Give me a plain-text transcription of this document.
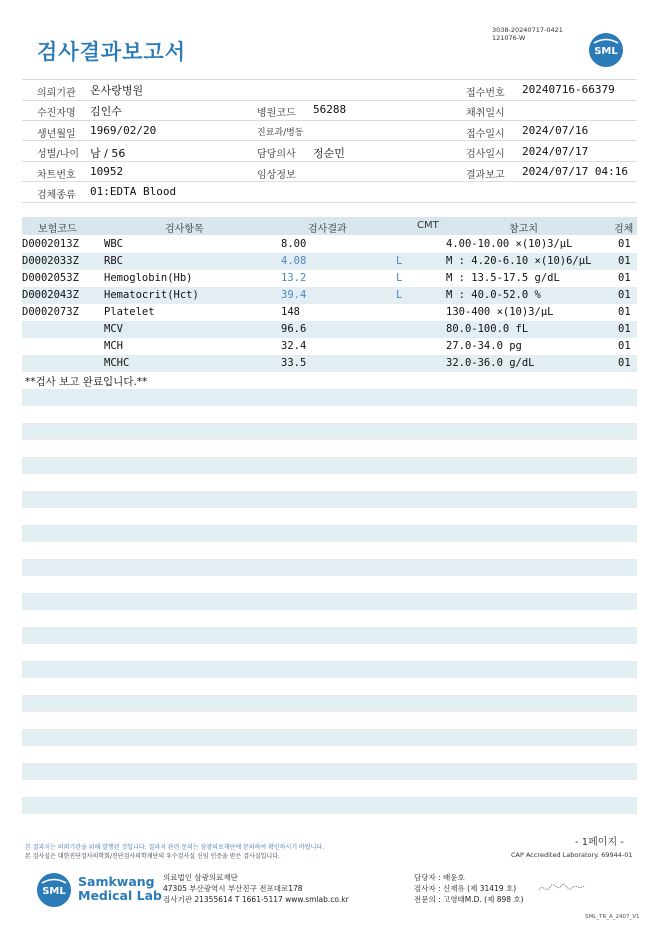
3038-20240717-0421
121076-W
검사결과보고서	SML
의뢰기관 온사랑병원	접수번호 20240716-66379
수진자명 김인수	병원코드 56288	채취일시
생년월일 1969/02/20	진료과/병동	접수일시 2024/07/16
성별/나이 남 / 56	담당의사 정순민	검사일시 2024/07/17
차트번호 10952	임상정보	결과보고 2024/07/17 04:16
검체종류 01:EDTA Blood
보험코드	검사항목	검사결과	CMT	참고치	검체
D0002013Z WBC	8.00	4.00-10.00 ×(10)3/μL	01
D0002033Z RBC	4.08	L	M : 4.20-6.10 ×(10)6/μL	01
D0002053Z Hemoglobin(Hb)	13.2	L	M : 13.5-17.5 g/dL	01
D0002043Z Hematocrit(Hct)	39.4	L	M : 40.0-52.0 %	01
D0002073Z Platelet	148	130-400 ×(10)3/μL	01
MCV	96.6	80.0-100.0 fL	01
MCH	32.4	27.0-34.0 pg	01
MCHC	33.5	32.0-36.0 g/dL	01
**검사 보고 완료입니다.**
- 1페이지 -
본 결과지는 의뢰기관을 위해 발행된 것입니다. 결과지 관련 문의는 삼광의료재단에 문의하여 확인하시기 바랍니다.
본 검사실은 대한진단검사의학회/진단검사의학재단의 우수검사실 신임 인증을 받은 검사실입니다.	CAP Accredited Laboratory. 69944-01
SML
Samkwang
Medical Lab
의료법인 삼광의료재단
47305 부산광역시 부산진구 전포대로178
검사기관 21355614 T 1661-5117 www.smlab.co.kr
담당자 : 배윤호
검사자 : 신재유 (제 31419 호)
전문의 : 고영태M.D. (제 898 호)
SML_TR_A_2407_V1
